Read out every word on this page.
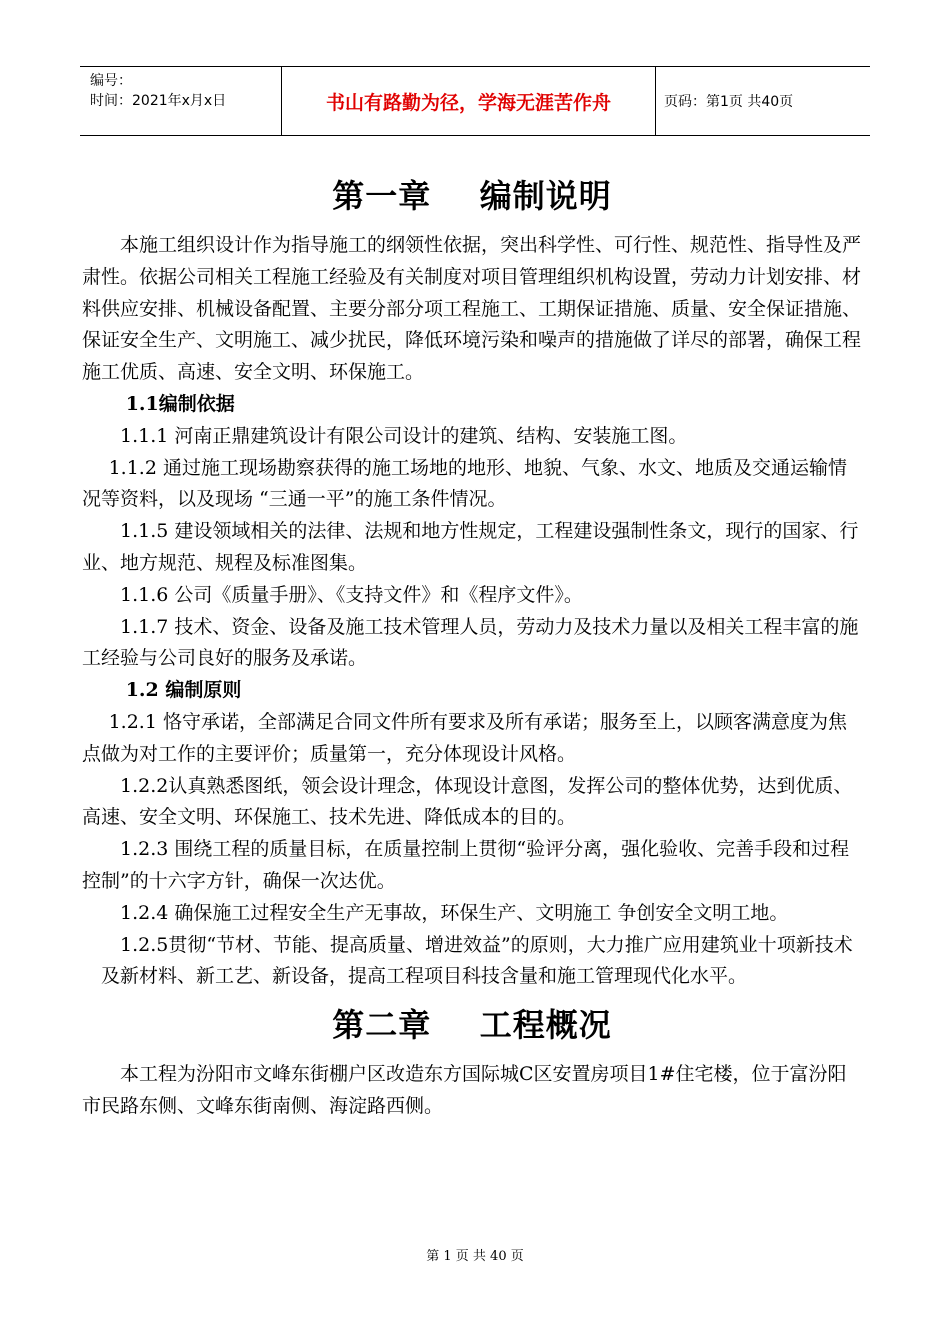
编号：
时间：2021年x月x日	书山有路勤为径，学海无涯苦作舟	页码：第1页 共40页
第一章    编制说明

本施工组织设计作为指导施工的纲领性依据，突出科学性、可行性、规范性、指导性及严肃性。依据公司相关工程施工经验及有关制度对项目管理组织机构设置，劳动力计划安排、材料供应安排、机械设备配置、主要分部分项工程施工、工期保证措施、质量、安全保证措施、保证安全生产、文明施工、减少扰民，降低环境污染和噪声的措施做了详尽的部署，确保工程施工优质、高速、安全文明、环保施工。

1.1编制依据

1.1.1 河南正鼎建筑设计有限公司设计的建筑、结构、安装施工图。

1.1.2 通过施工现场勘察获得的施工场地的地形、地貌、气象、水文、地质及交通运输情况等资料，以及现场 “三通一平”的施工条件情况。

1.1.5 建设领域相关的法律、法规和地方性规定，工程建设强制性条文，现行的国家、行业、地方规范、规程及标准图集。

1.1.6 公司《质量手册》、《支持文件》和《程序文件》。

1.1.7 技术、资金、设备及施工技术管理人员，劳动力及技术力量以及相关工程丰富的施工经验与公司良好的服务及承诺。

1.2 编制原则

1.2.1 恪守承诺，全部满足合同文件所有要求及所有承诺；服务至上，以顾客满意度为焦点做为对工作的主要评价；质量第一，充分体现设计风格。

1.2.2认真熟悉图纸，领会设计理念，体现设计意图，发挥公司的整体优势，达到优质、高速、安全文明、环保施工、技术先进、降低成本的目的。

1.2.3 围绕工程的质量目标，在质量控制上贯彻“验评分离，强化验收、完善手段和过程控制”的十六字方针，确保一次达优。

1.2.4 确保施工过程安全生产无事故，环保生产、文明施工 争创安全文明工地。

1.2.5贯彻“节材、节能、提高质量、增进效益”的原则，大力推广应用建筑业十项新技术及新材料、新工艺、新设备，提高工程项目科技含量和施工管理现代化水平。

第二章    工程概况

本工程为汾阳市文峰东街棚户区改造东方国际城C区安置房项目1#住宅楼，位于富汾阳市民路东侧、文峰东街南侧、海淀路西侧。

第 1 页 共 40 页
